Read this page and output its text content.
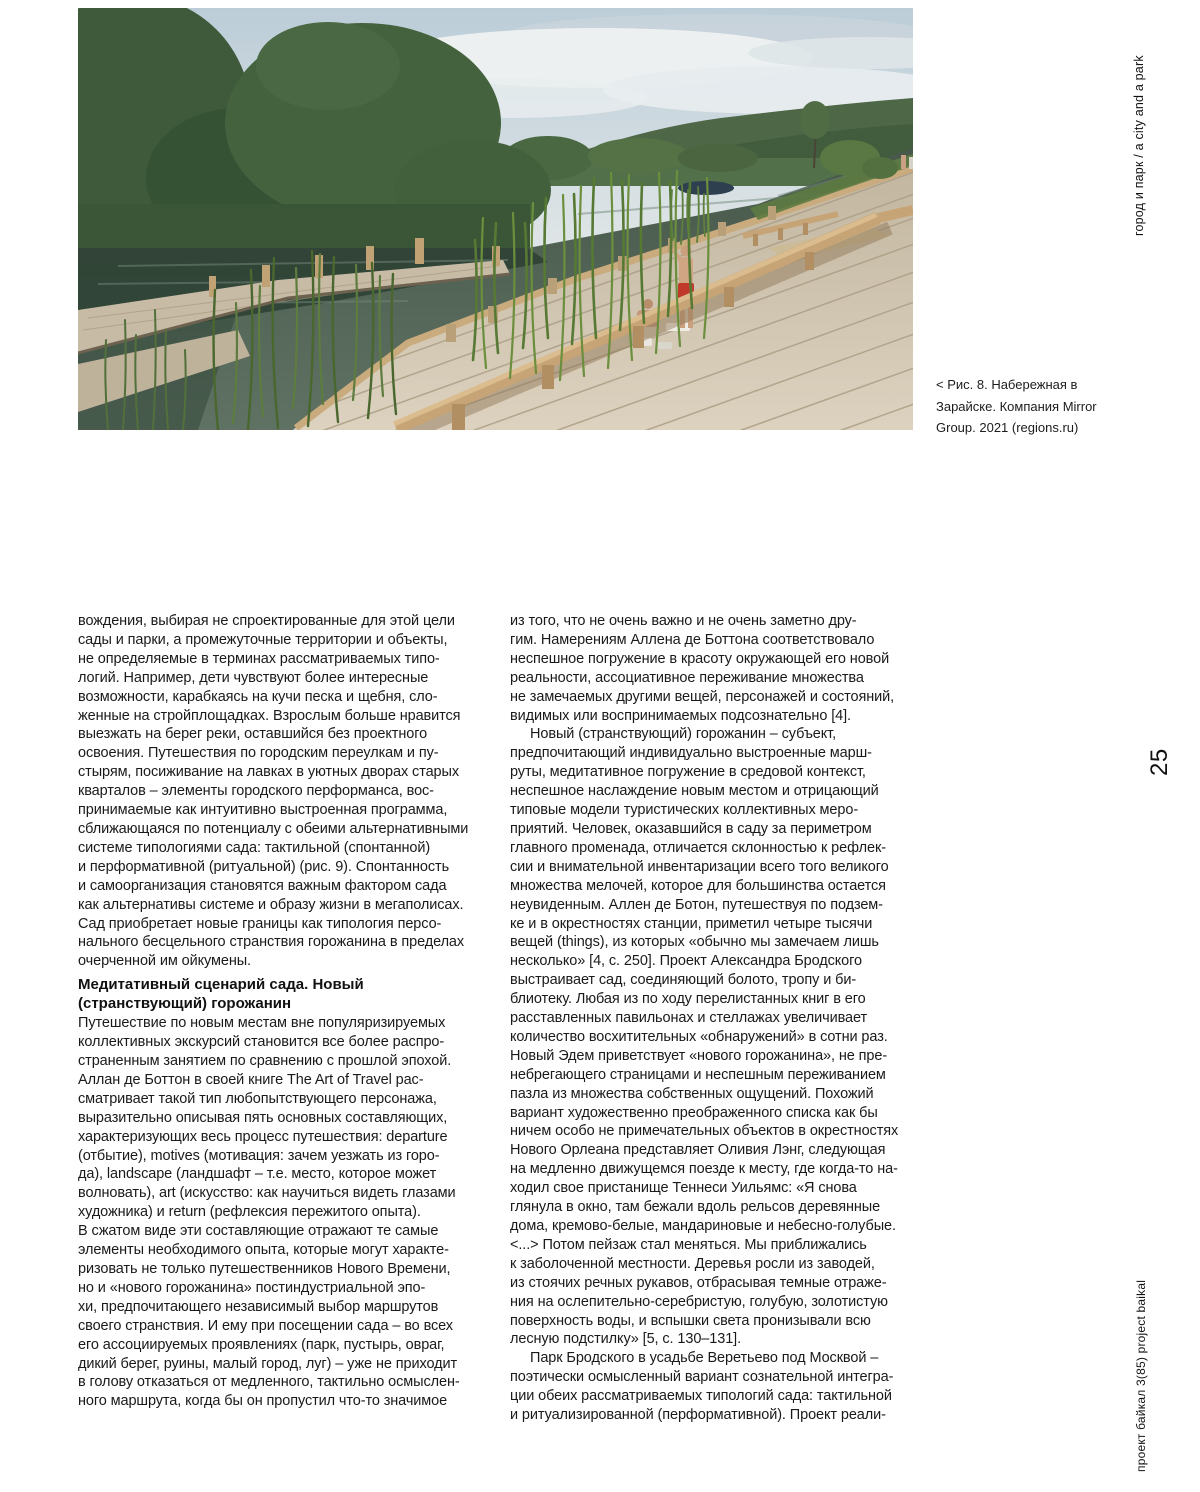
< Рис. 8. Набережная в
Зарайске. Компания Mirror
Group. 2021 (regions.ru)
город и парк / a city and a park
25
проект байкал 3(85) project baikal

вождения, выбирая не спроектированные для этой цели
сады и парки, а промежуточные территории и объекты,
не определяемые в терминах рассматриваемых типо-
логий. Например, дети чувствуют более интересные
возможности, карабкаясь на кучи песка и щебня, сло-
женные на стройплощадках. Взрослым больше нравится
выезжать на берег реки, оставшийся без проектного
освоения. Путешествия по городским переулкам и пу-
стырям, посиживание на лавках в уютных дворах старых
кварталов – элементы городского перформанса, вос-
принимаемые как интуитивно выстроенная программа,
сближающаяся по потенциалу с обеими альтернативными
системе типологиями сада: тактильной (спонтанной)
и перформативной (ритуальной) (рис. 9). Спонтанность
и самоорганизация становятся важным фактором сада
как альтернативы системе и образу жизни в мегаполисах.
Сад приобретает новые границы как типология персо-
нального бесцельного странствия горожанина в пределах
очерченной им ойкумены.

Медитативный сценарий сада. Новый
(странствующий) горожанин

Путешествие по новым местам вне популяризируемых
коллективных экскурсий становится все более распро-
страненным занятием по сравнению с прошлой эпохой.
Аллан де Боттон в своей книге The Art of Travel рас-
сматривает такой тип любопытствующего персонажа,
выразительно описывая пять основных составляющих,
характеризующих весь процесс путешествия: departure
(отбытие), motives (мотивация: зачем уезжать из горо-
да), landscape (ландшафт – т.е. место, которое может
волновать), art (искусство: как научиться видеть глазами
художника) и return (рефлексия пережитого опыта).
В сжатом виде эти составляющие отражают те самые
элементы необходимого опыта, которые могут характе-
ризовать не только путешественников Нового Времени,
но и «нового горожанина» постиндустриальной эпо-
хи, предпочитающего независимый выбор маршрутов
своего странствия. И ему при посещении сада – во всех
его ассоциируемых проявлениях (парк, пустырь, овраг,
дикий берег, руины, малый город, луг) – уже не приходит
в голову отказаться от медленного, тактильно осмыслен-
ного маршрута, когда бы он пропустил что-то значимое

из того, что не очень важно и не очень заметно дру-
гим. Намерениям Аллена де Боттона соответствовало
неспешное погружение в красоту окружающей его новой
реальности, ассоциативное переживание множества
не замечаемых другими вещей, персонажей и состояний,
видимых или воспринимаемых подсознательно [4].

Новый (странствующий) горожанин – субъект,
предпочитающий индивидуально выстроенные марш-
руты, медитативное погружение в средовой контекст,
неспешное наслаждение новым местом и отрицающий
типовые модели туристических коллективных меро-
приятий. Человек, оказавшийся в саду за периметром
главного променада, отличается склонностью к рефлек-
сии и внимательной инвентаризации всего того великого
множества мелочей, которое для большинства остается
неувиденным. Аллен де Ботон, путешествуя по подзем-
ке и в окрестностях станции, приметил четыре тысячи
вещей (things), из которых «обычно мы замечаем лишь
несколько» [4, с. 250]. Проект Александра Бродского
выстраивает сад, соединяющий болото, тропу и би-
блиотеку. Любая из по ходу перелистанных книг в его
расставленных павильонах и стеллажах увеличивает
количество восхитительных «обнаружений» в сотни раз.
Новый Эдем приветствует «нового горожанина», не пре-
небрегающего страницами и неспешным переживанием
пазла из множества собственных ощущений. Похожий
вариант художественно преображенного списка как бы
ничем особо не примечательных объектов в окрестностях
Нового Орлеана представляет Оливия Лэнг, следующая
на медленно движущемся поезде к месту, где когда-то на-
ходил свое пристанище Теннеси Уильямс: «Я снова
глянула в окно, там бежали вдоль рельсов деревянные
дома, кремово-белые, мандариновые и небесно-голубые.
<...> Потом пейзаж стал меняться. Мы приближались
к заболоченной местности. Деревья росли из заводей,
из стоячих речных рукавов, отбрасывая темные отраже-
ния на ослепительно-серебристую, голубую, золотистую
поверхность воды, и вспышки света пронизывали всю
лесную подстилку» [5, с. 130–131].

Парк Бродского в усадьбе Веретьево под Москвой –
поэтически осмысленный вариант сознательной интегра-
ции обеих рассматриваемых типологий сада: тактильной
и ритуализированной (перформативной). Проект реали-
